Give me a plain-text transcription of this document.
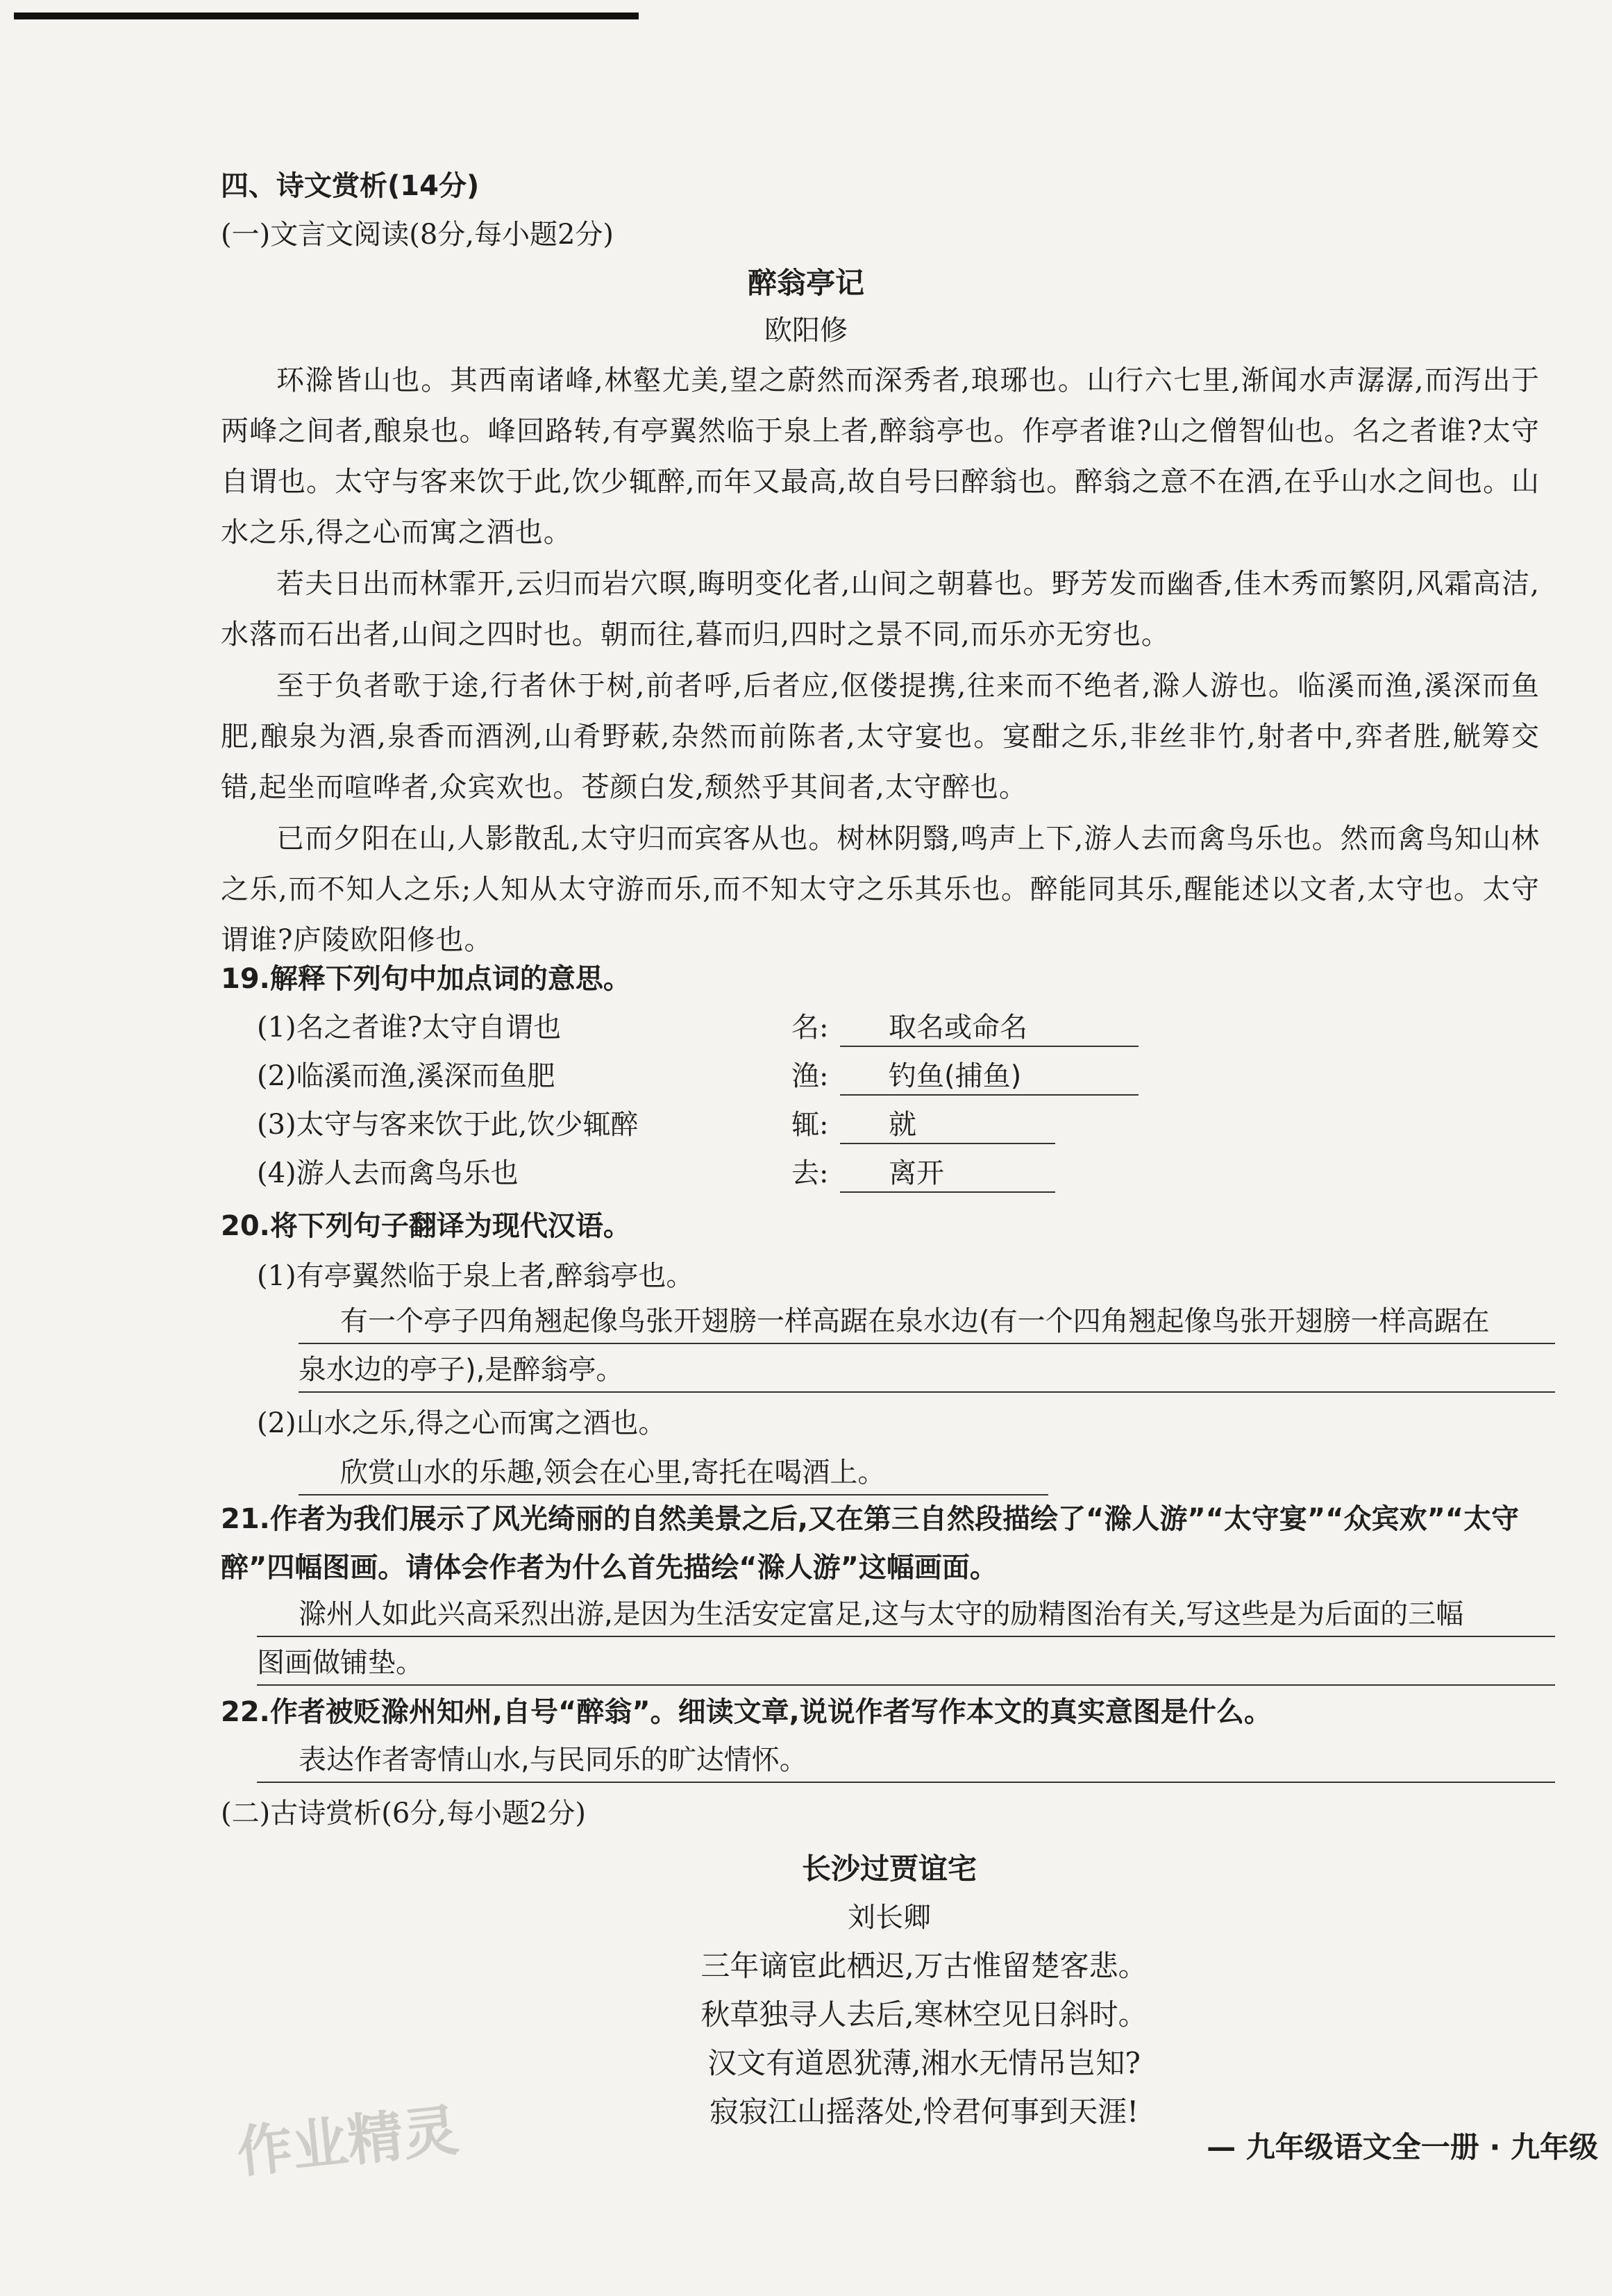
四、诗文赏析(14分)
(一)文言文阅读(8分,每小题2分)
醉翁亭记
欧阳修
环滁皆山也。其西南诸峰,林壑尤美,望之蔚然而深秀者,琅琊也。山行六七里,渐闻水声潺潺,而泻出于两峰之间者,酿泉也。峰回路转,有亭翼然临于泉上者,醉翁亭也。作亭者谁?山之僧智仙也。名之者谁?太守自谓也。太守与客来饮于此,饮少辄醉,而年又最高,故自号曰醉翁也。醉翁之意不在酒,在乎山水之间也。山水之乐,得之心而寓之酒也。
若夫日出而林霏开,云归而岩穴暝,晦明变化者,山间之朝暮也。野芳发而幽香,佳木秀而繁阴,风霜高洁,水落而石出者,山间之四时也。朝而往,暮而归,四时之景不同,而乐亦无穷也。
至于负者歌于途,行者休于树,前者呼,后者应,伛偻提携,往来而不绝者,滁人游也。临溪而渔,溪深而鱼肥,酿泉为酒,泉香而酒洌,山肴野蔌,杂然而前陈者,太守宴也。宴酣之乐,非丝非竹,射者中,弈者胜,觥筹交错,起坐而喧哗者,众宾欢也。苍颜白发,颓然乎其间者,太守醉也。
已而夕阳在山,人影散乱,太守归而宾客从也。树林阴翳,鸣声上下,游人去而禽鸟乐也。然而禽鸟知山林之乐,而不知人之乐;人知从太守游而乐,而不知太守之乐其乐也。醉能同其乐,醒能述以文者,太守也。太守谓谁?庐陵欧阳修也。
19.解释下列句中加点词的意思。
(1)名之者谁?太守自谓也	名:	取名或命名
(2)临溪而渔,溪深而鱼肥	渔:	钓鱼(捕鱼)
(3)太守与客来饮于此,饮少辄醉	辄:	就
(4)游人去而禽鸟乐也	去:	离开
20.将下列句子翻译为现代汉语。
(1)有亭翼然临于泉上者,醉翁亭也。
有一个亭子四角翘起像鸟张开翅膀一样高踞在泉水边(有一个四角翘起像鸟张开翅膀一样高踞在
泉水边的亭子),是醉翁亭。
(2)山水之乐,得之心而寓之酒也。
欣赏山水的乐趣,领会在心里,寄托在喝酒上。
21.作者为我们展示了风光绮丽的自然美景之后,又在第三自然段描绘了“滁人游”“太守宴”“众宾欢”“太守
醉”四幅图画。请体会作者为什么首先描绘“滁人游”这幅画面。
滁州人如此兴高采烈出游,是因为生活安定富足,这与太守的励精图治有关,写这些是为后面的三幅
图画做铺垫。
22.作者被贬滁州知州,自号“醉翁”。细读文章,说说作者写作本文的真实意图是什么。
表达作者寄情山水,与民同乐的旷达情怀。
(二)古诗赏析(6分,每小题2分)
长沙过贾谊宅
刘长卿
三年谪宦此栖迟,万古惟留楚客悲。
秋草独寻人去后,寒林空见日斜时。
汉文有道恩犹薄,湘水无情吊岂知?
寂寂江山摇落处,怜君何事到天涯!
作业精灵	— 九年级语文全一册 · 九年级
